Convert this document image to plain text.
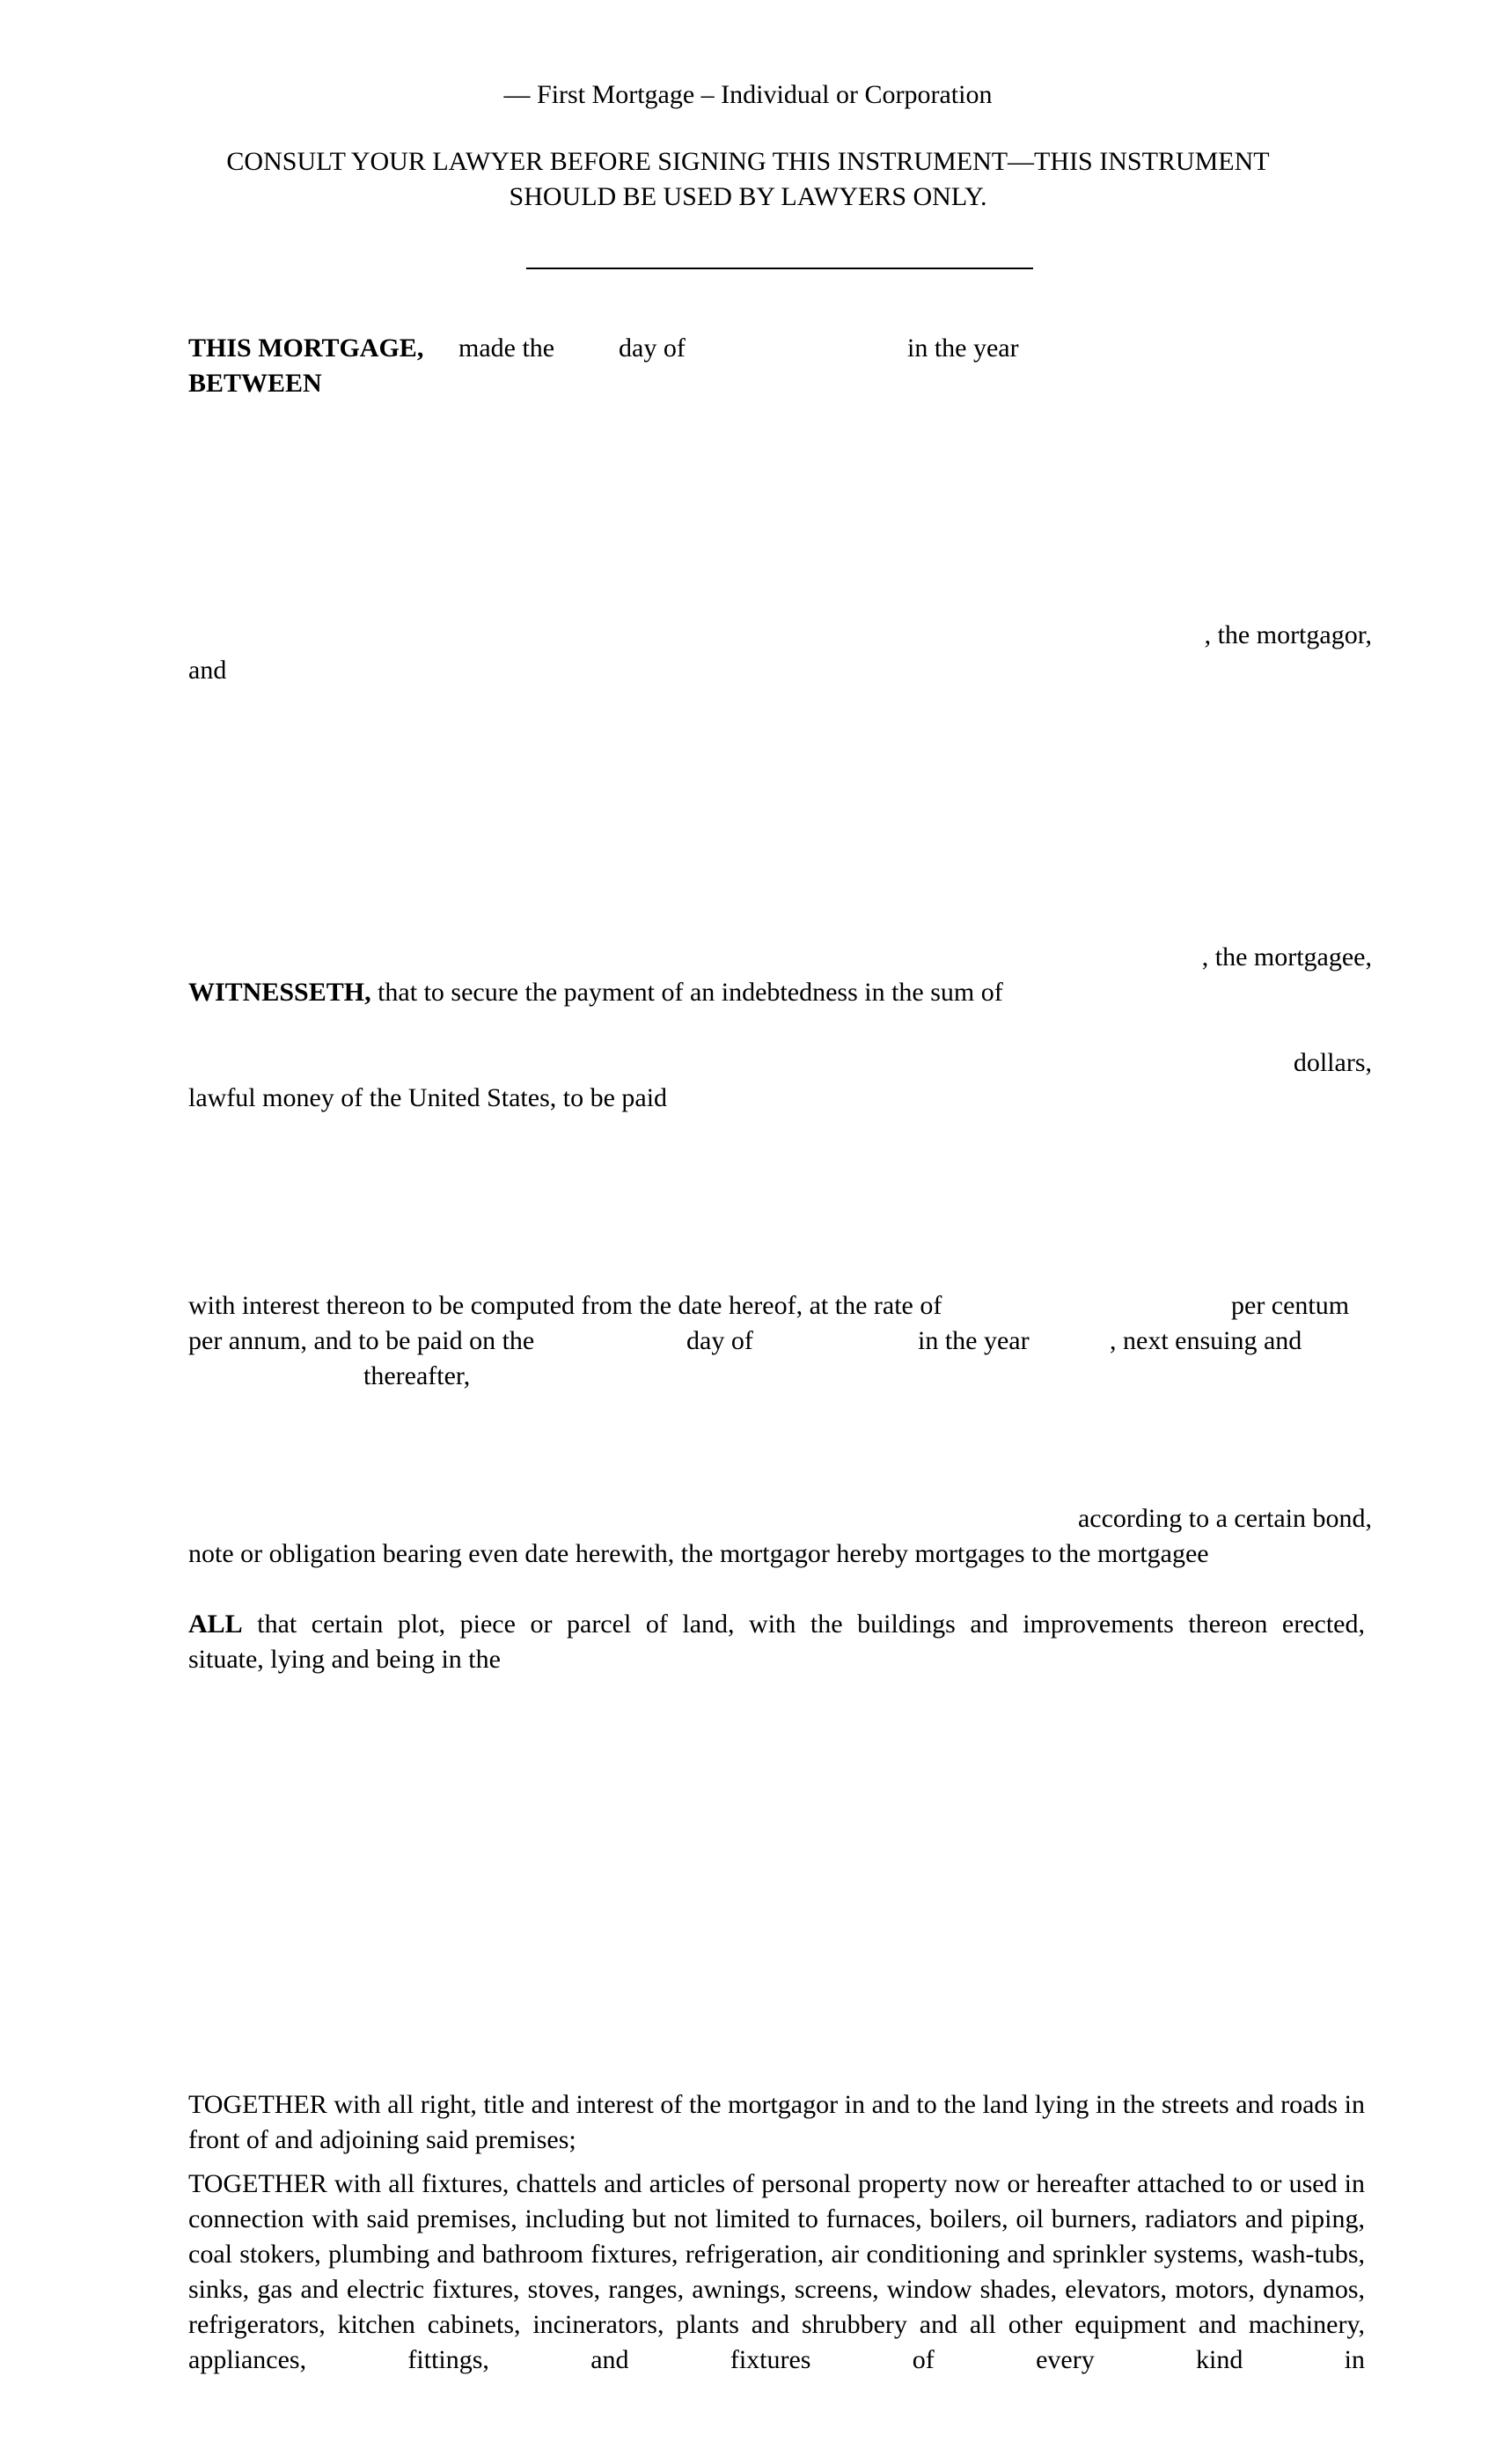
— First Mortgage – Individual or Corporation
CONSULT YOUR LAWYER BEFORE SIGNING THIS INSTRUMENT—THIS INSTRUMENT
SHOULD BE USED BY LAWYERS ONLY.
THIS MORTGAGE, made the day of	in the year
BETWEEN
, the mortgagor,
and
, the mortgagee,
WITNESSETH, that to secure the payment of an indebtedness in the sum of
dollars,
lawful money of the United States, to be paid
with interest thereon to be computed from the date hereof, at the rate of	per centum
per annum, and to be paid on the	day of	in the year	, next ensuing and
thereafter,
according to a certain bond,
note or obligation bearing even date herewith, the mortgagor hereby mortgages to the mortgagee
ALL that certain plot, piece or parcel of land, with the buildings and improvements thereon erected,
situate, lying and being in the
TOGETHER with all right, title and interest of the mortgagor in and to the land lying in the streets and roads in front of and adjoining said premises;
TOGETHER with all fixtures, chattels and articles of personal property now or hereafter attached to or used in connection with said premises, including but not limited to furnaces, boilers, oil burners, radiators and piping, coal stokers, plumbing and bathroom fixtures, refrigeration, air conditioning and sprinkler systems, wash-tubs, sinks, gas and electric fixtures, stoves, ranges, awnings, screens, window shades, elevators, motors, dynamos, refrigerators, kitchen cabinets, incinerators, plants and shrubbery and all other equipment and machinery, appliances, fittings, and fixtures of every kind in
